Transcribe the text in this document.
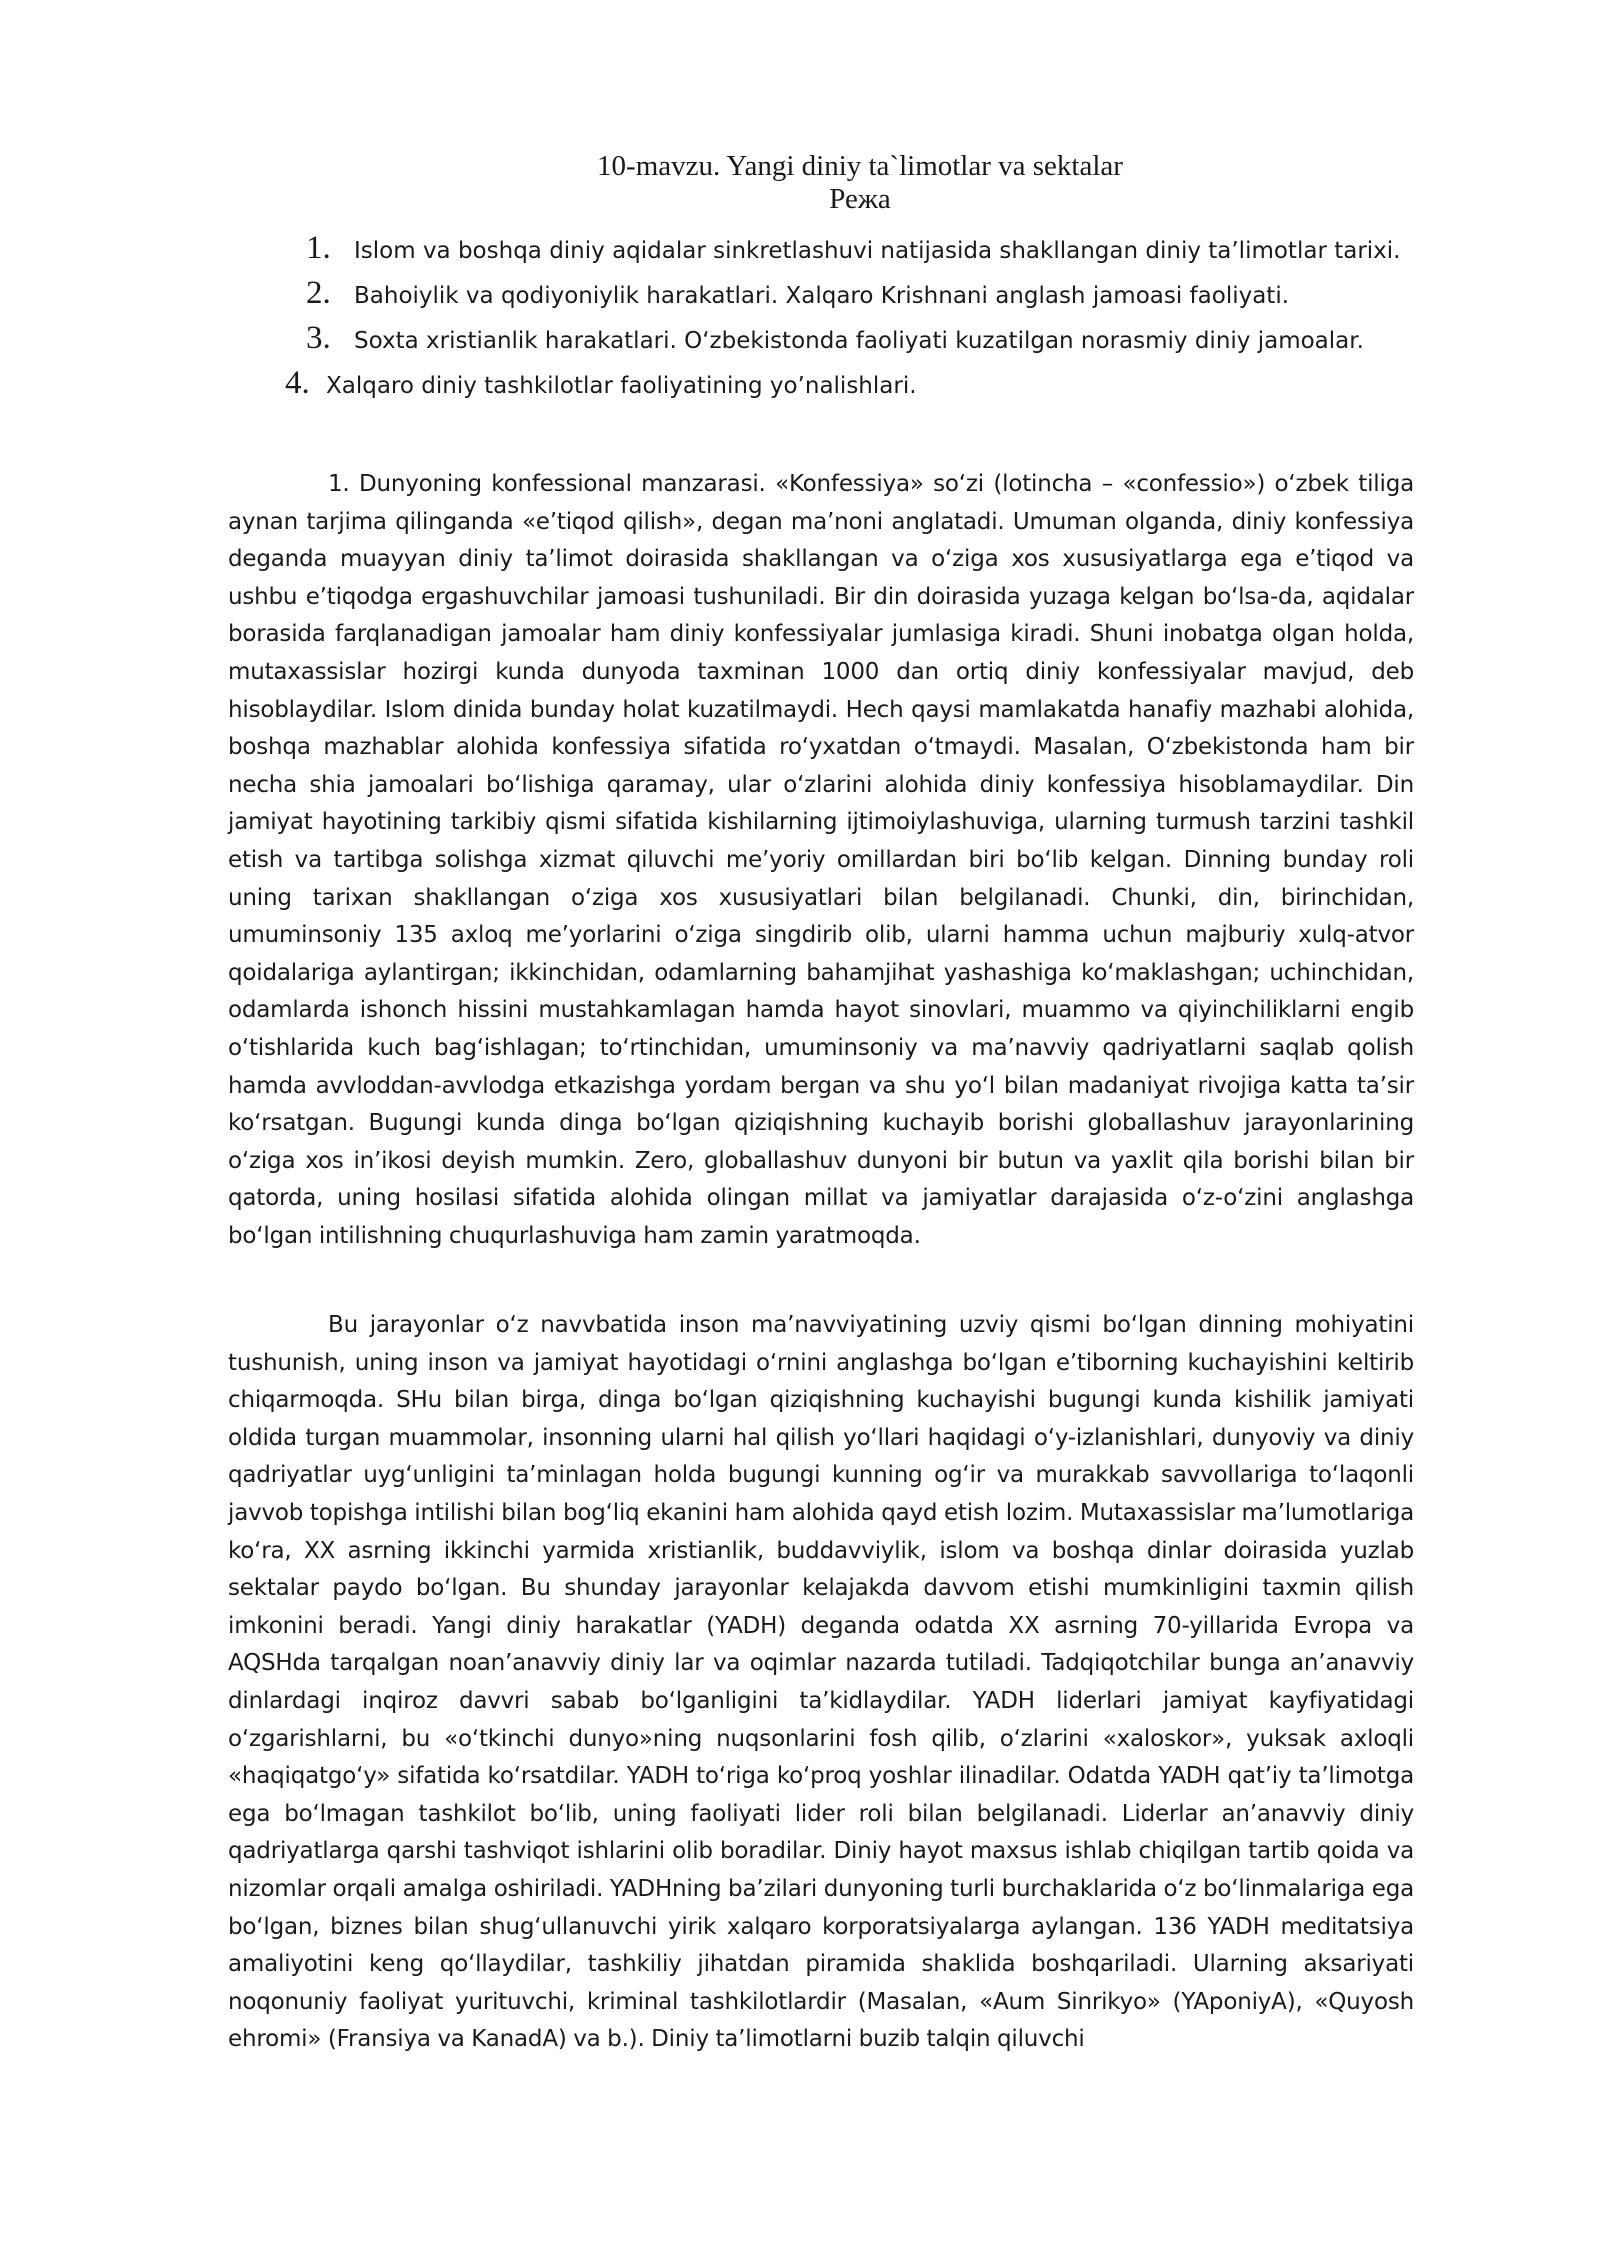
10-mavzu. Yangi diniy ta`limotlar va sektalar
Режа
1. Islom va boshqa diniy aqidalar sinkretlashuvi natijasida shakllangan diniy ta’limotlar tarixi.
2. Bahoiylik va qodiyoniylik harakatlari. Xalqaro Krishnani anglash jamoasi faoliyati.
3. Soxta xristianlik harakatlari. O‘zbekistonda faoliyati kuzatilgan norasmiy diniy jamoalar.
4. Xalqaro diniy tashkilotlar faoliyatining yo’nalishlari.

1. Dunyoning konfessional manzarasi. «Konfessiya» so‘zi (lotincha – «confessio») o‘zbek tiliga aynan tarjima qilinganda «e’tiqod qilish», degan ma’noni anglatadi. Umuman olganda, diniy konfessiya deganda muayyan diniy ta’limot doirasida shakllangan va o‘ziga xos xususiyatlarga ega e’tiqod va ushbu e’tiqodga ergashuvchilar jamoasi tushuniladi. Bir din doirasida yuzaga kelgan bo‘lsa-da, aqidalar borasida farqlanadigan jamoalar ham diniy konfessiyalar jumlasiga kiradi. Shuni inobatga olgan holda, mutaxassislar hozirgi kunda dunyoda taxminan 1000 dan ortiq diniy konfessiyalar mavjud, deb hisoblaydilar. Islom dinida bunday holat kuzatilmaydi. Hech qaysi mamlakatda hanafiy mazhabi alohida, boshqa mazhablar alohida konfessiya sifatida ro‘yxatdan o‘tmaydi. Masalan, O‘zbekistonda ham bir necha shia jamoalari bo‘lishiga qaramay, ular o‘zlarini alohida diniy konfessiya hisoblamaydilar. Din jamiyat hayotining tarkibiy qismi sifatida kishilarning ijtimoiylashuviga, ularning turmush tarzini tashkil etish va tartibga solishga xizmat qiluvchi me’yoriy omillardan biri bo‘lib kelgan. Dinning bunday roli uning tarixan shakllangan o‘ziga xos xususiyatlari bilan belgilanadi. Chunki, din, birinchidan, umuminsoniy 135 axloq me’yorlarini o‘ziga singdirib olib, ularni hamma uchun majburiy xulq-atvor qoidalariga aylantirgan; ikkinchidan, odamlarning bahamjihat yashashiga ko‘maklashgan; uchinchidan, odamlarda ishonch hissini mustahkamlagan hamda hayot sinovlari, muammo va qiyinchiliklarni engib o‘tishlarida kuch bag‘ishlagan; to‘rtinchidan, umuminsoniy va ma’navviy qadriyatlarni saqlab qolish hamda avvloddan-avvlodga etkazishga yordam bergan va shu yo‘l bilan madaniyat rivojiga katta ta’sir ko‘rsatgan. Bugungi kunda dinga bo‘lgan qiziqishning kuchayib borishi globallashuv jarayonlarining o‘ziga xos in’ikosi deyish mumkin. Zero, globallashuv dunyoni bir butun va yaxlit qila borishi bilan bir qatorda, uning hosilasi sifatida alohida olingan millat va jamiyatlar darajasida o‘z-o‘zini anglashga bo‘lgan intilishning chuqurlashuviga ham zamin yaratmoqda.

Bu jarayonlar o‘z navvbatida inson ma’navviyatining uzviy qismi bo‘lgan dinning mohiyatini tushunish, uning inson va jamiyat hayotidagi o‘rnini anglashga bo‘lgan e’tiborning kuchayishini keltirib chiqarmoqda. SHu bilan birga, dinga bo‘lgan qiziqishning kuchayishi bugungi kunda kishilik jamiyati oldida turgan muammolar, insonning ularni hal qilish yo‘llari haqidagi o‘y-izlanishlari, dunyoviy va diniy qadriyatlar uyg‘unligini ta’minlagan holda bugungi kunning og‘ir va murakkab savvollariga to‘laqonli javvob topishga intilishi bilan bog‘liq ekanini ham alohida qayd etish lozim. Mutaxassislar ma’lumotlariga ko‘ra, XX asrning ikkinchi yarmida xristianlik, buddavviylik, islom va boshqa dinlar doirasida yuzlab sektalar paydo bo‘lgan. Bu shunday jarayonlar kelajakda davvom etishi mumkinligini taxmin qilish imkonini beradi. Yangi diniy harakatlar (YADH) deganda odatda XX asrning 70-yillarida Evropa va AQSHda tarqalgan noan’anavviy diniy lar va oqimlar nazarda tutiladi. Tadqiqotchilar bunga an’anavviy dinlardagi inqiroz davvri sabab bo‘lganligini ta’kidlaydilar. YADH liderlari jamiyat kayfiyatidagi o‘zgarishlarni, bu «o‘tkinchi dunyo»ning nuqsonlarini fosh qilib, o‘zlarini «xaloskor», yuksak axloqli «haqiqatgo‘y» sifatida ko‘rsatdilar. YADH to‘riga ko‘proq yoshlar ilinadilar. Odatda YADH qat’iy ta’limotga ega bo‘lmagan tashkilot bo‘lib, uning faoliyati lider roli bilan belgilanadi. Liderlar an’anavviy diniy qadriyatlarga qarshi tashviqot ishlarini olib boradilar. Diniy hayot maxsus ishlab chiqilgan tartib qoida va nizomlar orqali amalga oshiriladi. YADHning ba’zilari dunyoning turli burchaklarida o‘z bo‘linmalariga ega bo‘lgan, biznes bilan shug‘ullanuvchi yirik xalqaro korporatsiyalarga aylangan. 136 YADH meditatsiya amaliyotini keng qo‘llaydilar, tashkiliy jihatdan piramida shaklida boshqariladi. Ularning aksariyati noqonuniy faoliyat yurituvchi, kriminal tashkilotlardir (Masalan, «Aum Sinrikyo» (YAponiyA), «Quyosh ehromi» (Fransiya va KanadA) va b.). Diniy ta’limotlarni buzib talqin qiluvchi
